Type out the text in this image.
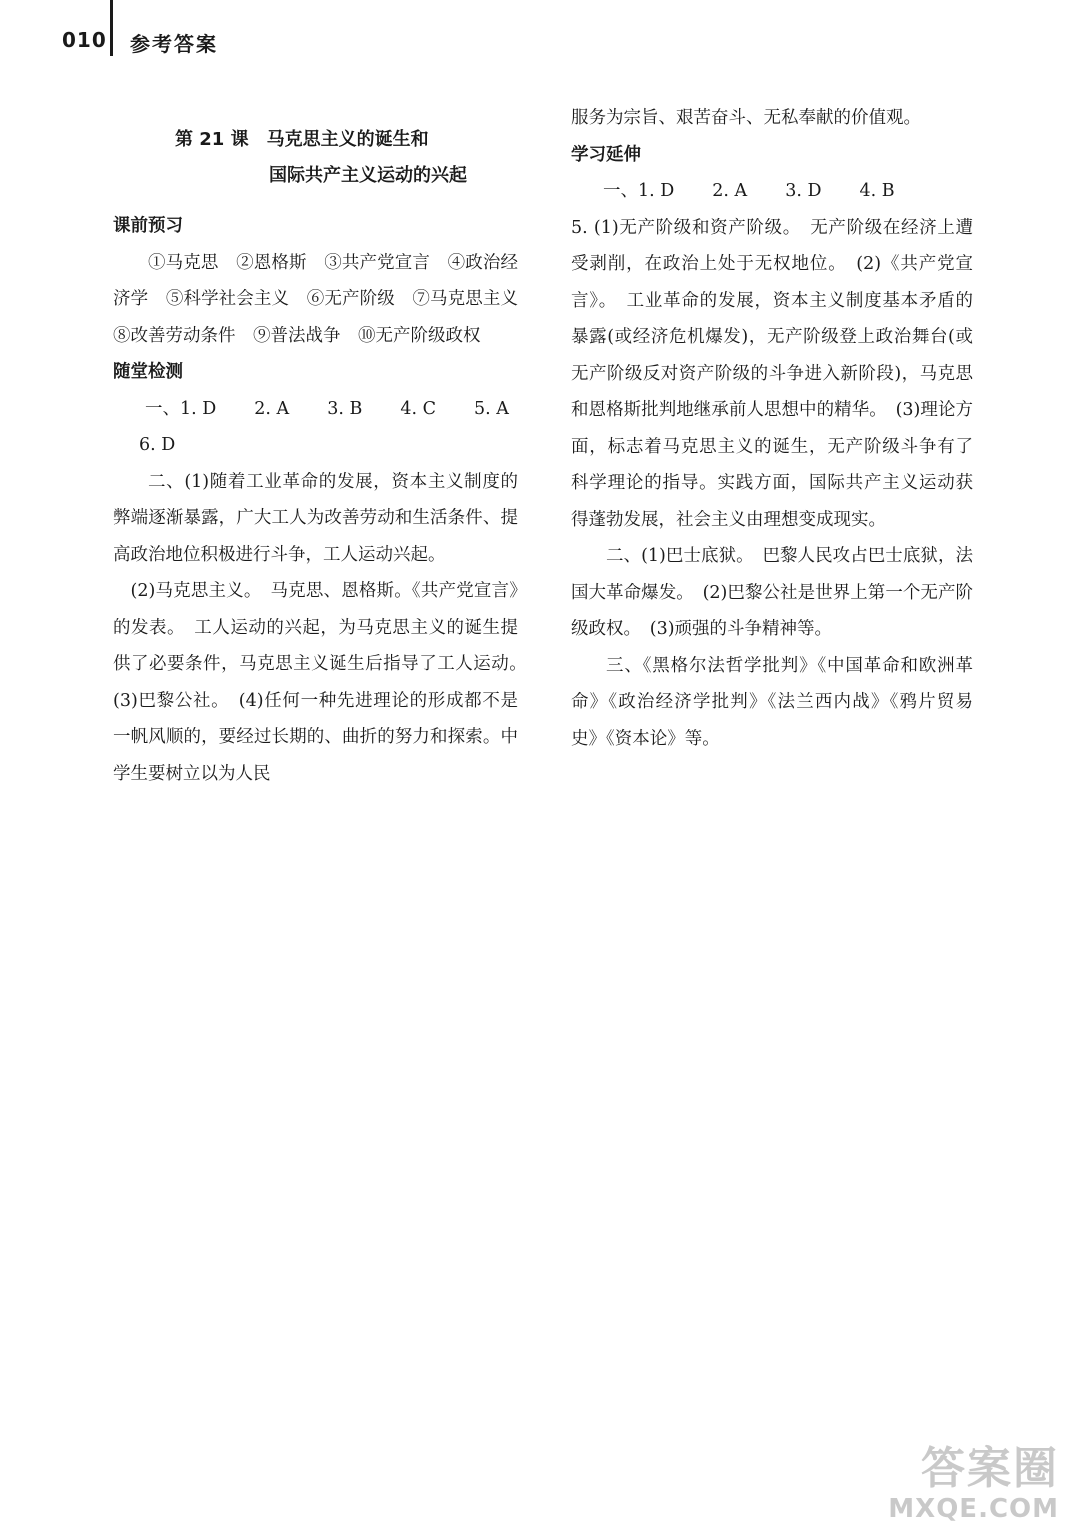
010 参考答案
第 21 课　马克思主义的诞生和
国际共产主义运动的兴起
课前预习

①马克思　②恩格斯　③共产党宣言　④政治经济学　⑤科学社会主义　⑥无产阶级　⑦马克思主义　⑧改善劳动条件　⑨普法战争　⑩无产阶级政权

随堂检测
一、1. D 2. A 3. B 4. C 5. A
6. D

二、(1)随着工业革命的发展，资本主义制度的弊端逐渐暴露，广大工人为改善劳动和生活条件、提高政治地位积极进行斗争，工人运动兴起。

(2)马克思主义。　马克思、恩格斯。《共产党宣言》的发表。　工人运动的兴起，为马克思主义的诞生提供了必要条件，马克思主义诞生后指导了工人运动。　(3)巴黎公社。　(4)任何一种先进理论的形成都不是一帆风顺的，要经过长期的、曲折的努力和探索。中学生要树立以为人民

服务为宗旨、艰苦奋斗、无私奉献的价值观。

学习延伸
一、1. D 2. A 3. D 4. B

5. (1)无产阶级和资产阶级。　无产阶级在经济上遭受剥削，在政治上处于无权地位。　(2)《共产党宣言》。　工业革命的发展，资本主义制度基本矛盾的暴露(或经济危机爆发)，无产阶级登上政治舞台(或无产阶级反对资产阶级的斗争进入新阶段)，马克思和恩格斯批判地继承前人思想中的精华。　(3)理论方面，标志着马克思主义的诞生，无产阶级斗争有了科学理论的指导。实践方面，国际共产主义运动获得蓬勃发展，社会主义由理想变成现实。

二、(1)巴士底狱。　巴黎人民攻占巴士底狱，法国大革命爆发。　(2)巴黎公社是世界上第一个无产阶级政权。　(3)顽强的斗争精神等。

三、《黑格尔法哲学批判》《中国革命和欧洲革命》《政治经济学批判》《法兰西内战》《鸦片贸易史》《资本论》等。

答案圈
MXQE.COM
